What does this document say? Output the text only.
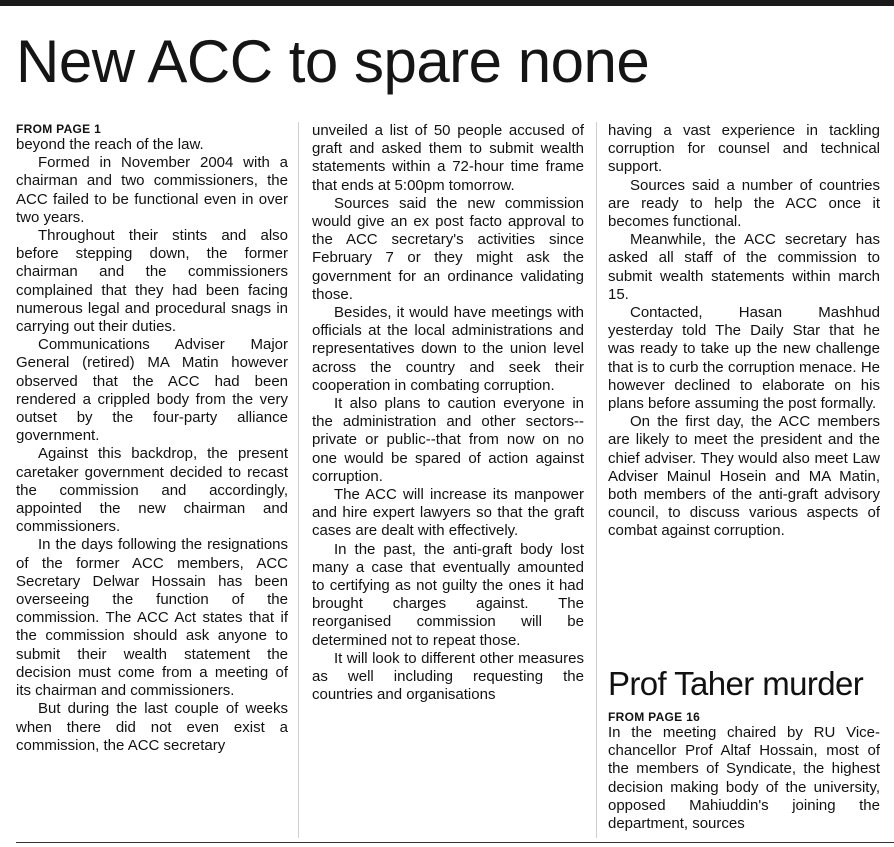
New ACC to spare none
FROM PAGE 1

beyond the reach of the law.

Formed in November 2004 with a chairman and two commissioners, the ACC failed to be functional even in over two years.

Throughout their stints and also before stepping down, the former chairman and the commissioners complained that they had been facing numerous legal and procedural snags in carrying out their duties.

Communications Adviser Major General (retired) MA Matin however observed that the ACC had been rendered a crippled body from the very outset by the four-party alliance government.

Against this backdrop, the present caretaker government decided to recast the commission and accordingly, appointed the new chairman and commissioners.

In the days following the resignations of the former ACC members, ACC Secretary Delwar Hossain has been overseeing the function of the commission. The ACC Act states that if the commission should ask anyone to submit their wealth statement the decision must come from a meeting of its chairman and commissioners.

But during the last couple of weeks when there did not even exist a commission, the ACC secretary

unveiled a list of 50 people accused of graft and asked them to submit wealth statements within a 72-hour time frame that ends at 5:00pm tomorrow.

Sources said the new commission would give an ex post facto approval to the ACC secretary's activities since February 7 or they might ask the government for an ordinance validating those.

Besides, it would have meetings with officials at the local administrations and representatives down to the union level across the country and seek their cooperation in combating corruption.

It also plans to caution everyone in the administration and other sectors--private or public--that from now on no one would be spared of action against corruption.

The ACC will increase its manpower and hire expert lawyers so that the graft cases are dealt with effectively.

In the past, the anti-graft body lost many a case that eventually amounted to certifying as not guilty the ones it had brought charges against. The reorganised commission will be determined not to repeat those.

It will look to different other measures as well including requesting the countries and organisations

having a vast experience in tackling corruption for counsel and technical support.

Sources said a number of countries are ready to help the ACC once it becomes functional.

Meanwhile, the ACC secretary has asked all staff of the commission to submit wealth statements within march 15.

Contacted, Hasan Mashhud yesterday told The Daily Star that he was ready to take up the new challenge that is to curb the corruption menace. He however declined to elaborate on his plans before assuming the post formally.

On the first day, the ACC members are likely to meet the president and the chief adviser. They would also meet Law Adviser Mainul Hosein and MA Matin, both members of the anti-graft advisory council, to discuss various aspects of combat against corruption.

Prof Taher murder
FROM PAGE 16

In the meeting chaired by RU Vice-chancellor Prof Altaf Hossain, most of the members of Syndicate, the highest decision making body of the university, opposed Mahiuddin's joining the department, sources
